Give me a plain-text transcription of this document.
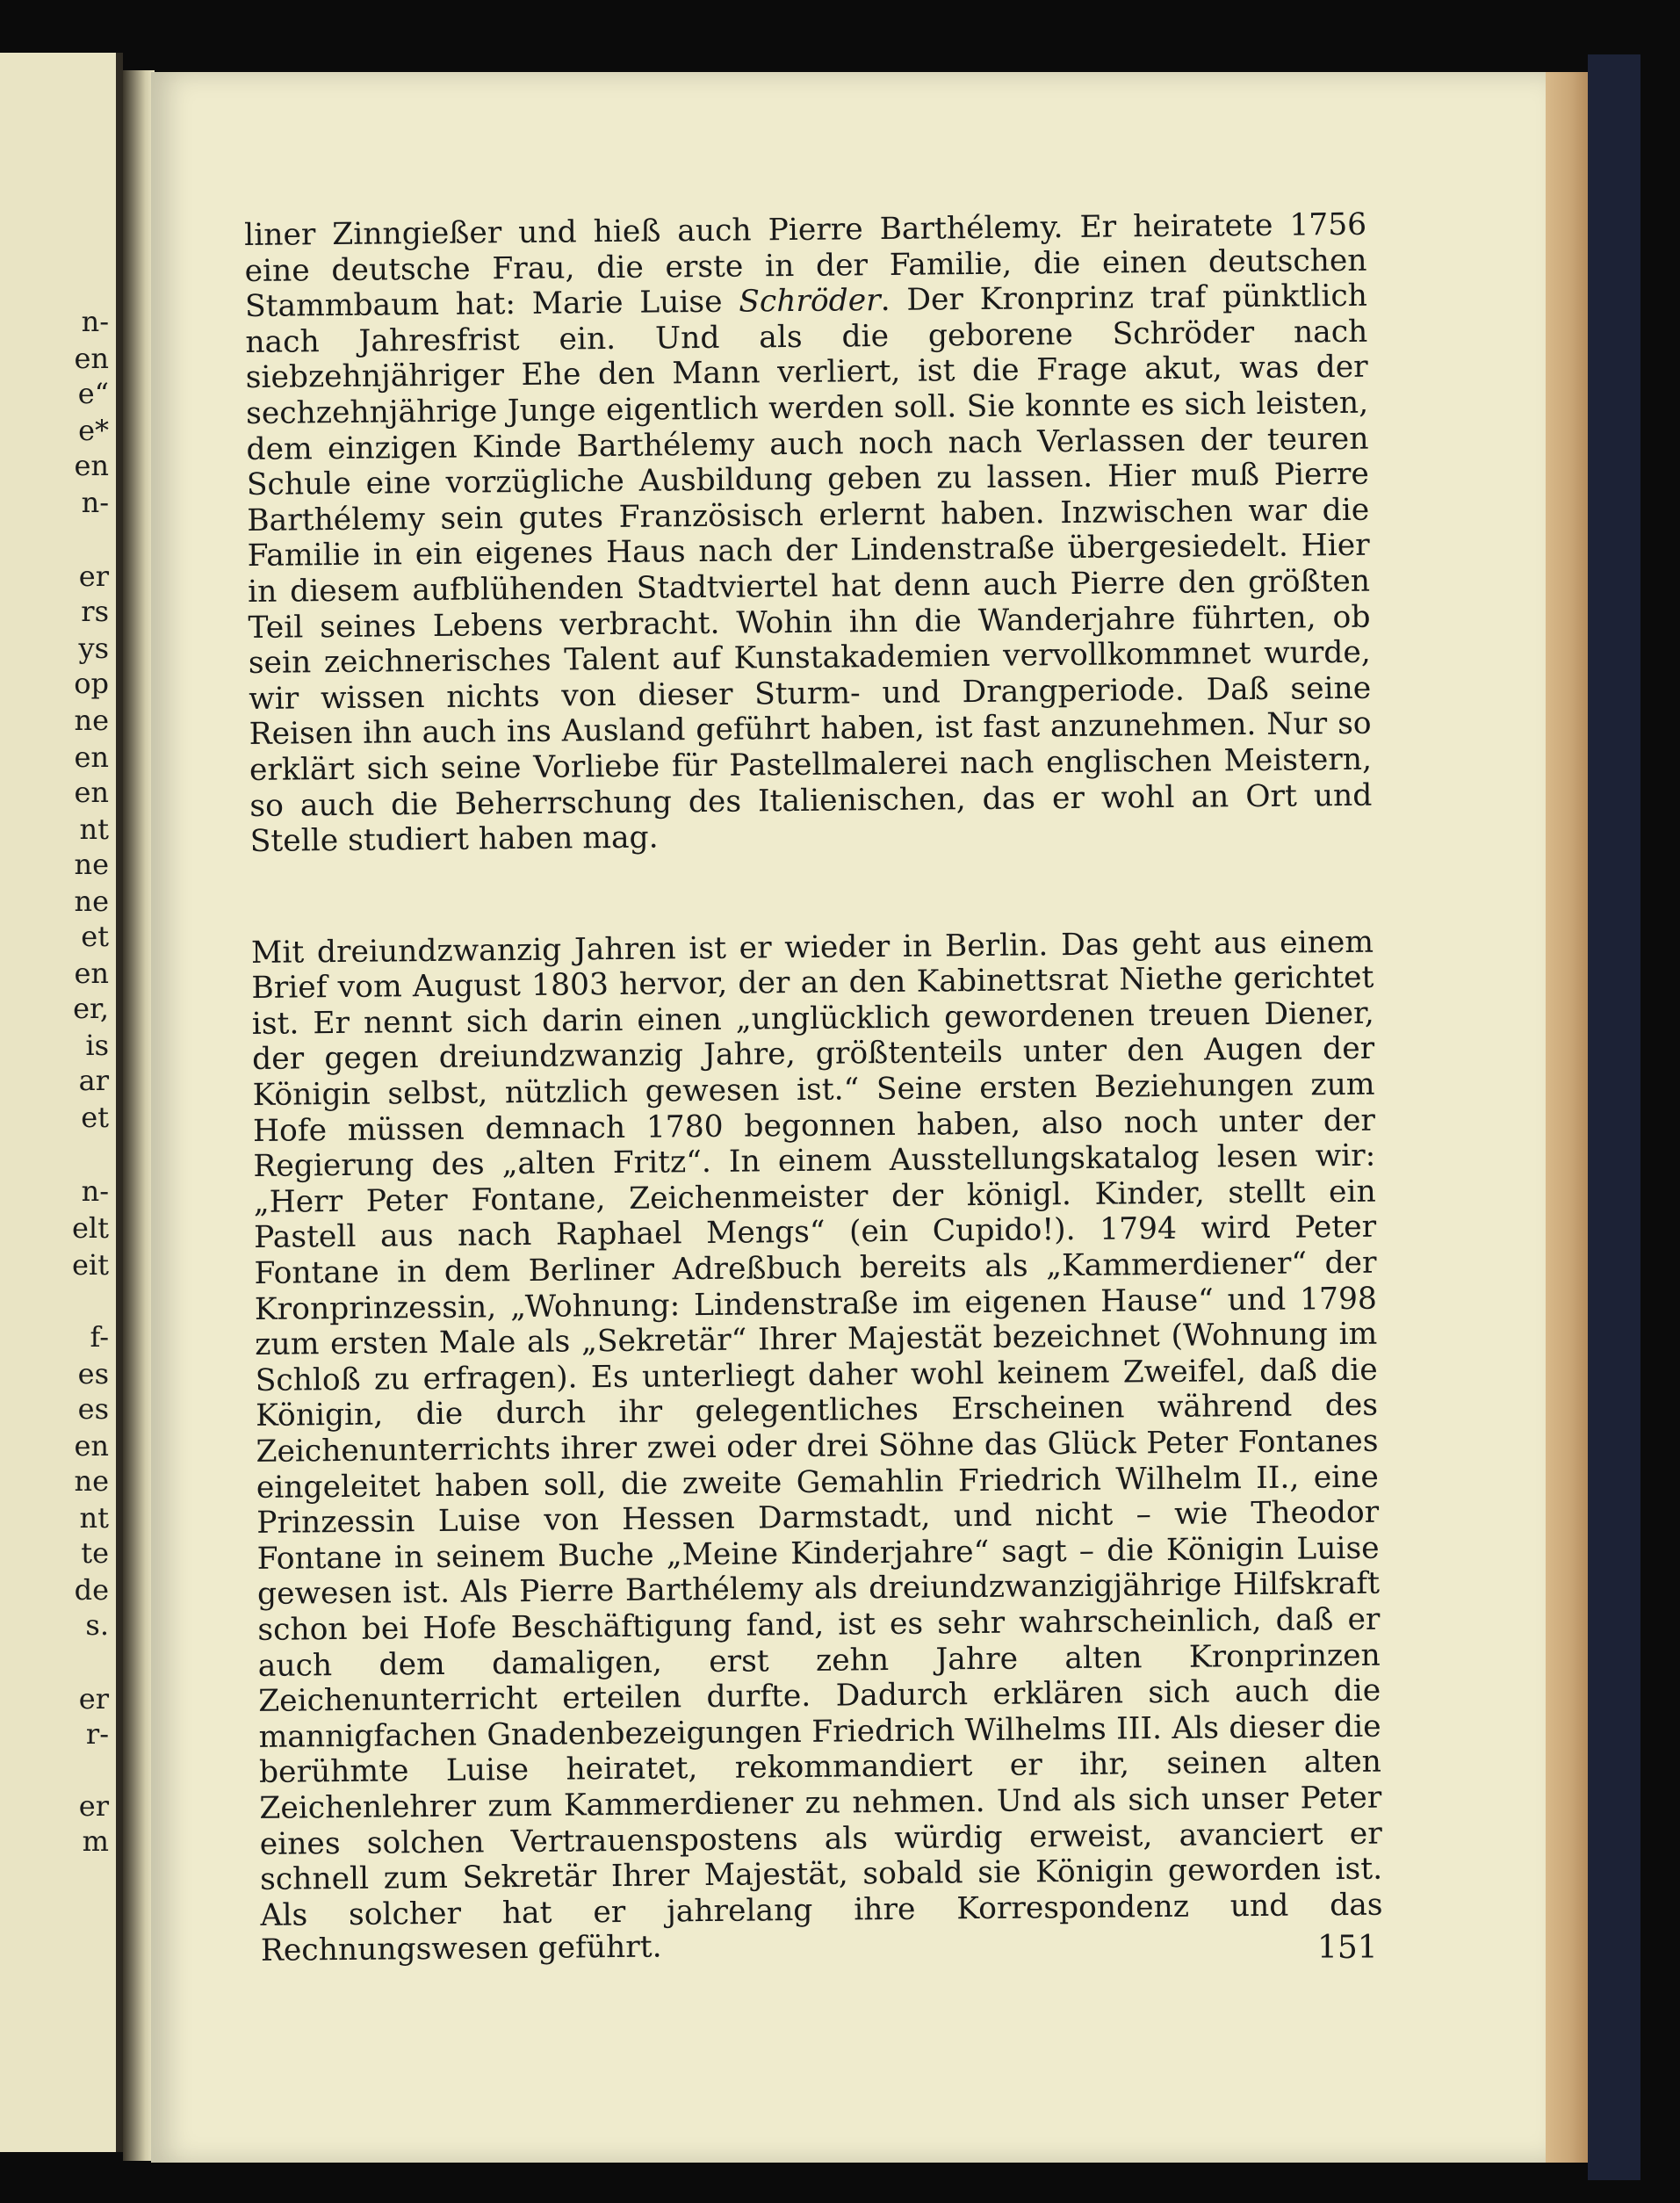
n-
en
e“
e*
en
n-
er
rs
ys
op
ne
en
en
nt
ne
ne
et
en
er,
is
ar
et
n-
elt
eit
f-
es
es
en
ne
nt
te
de
s.
er
r-
er
m

liner Zinngießer und hieß auch Pierre Barthélemy. Er heiratete 1756 eine deutsche Frau, die erste in der Familie, die einen deutschen Stammbaum hat: Marie Luise Schröder. Der Kronprinz traf pünktlich nach Jahresfrist ein. Und als die geborene Schröder nach siebzehnjähriger Ehe den Mann verliert, ist die Frage akut, was der sechzehnjährige Junge eigentlich werden soll. Sie konnte es sich leisten, dem einzigen Kinde Barthélemy auch noch nach Verlassen der teuren Schule eine vorzügliche Ausbildung geben zu lassen. Hier muß Pierre Barthélemy sein gutes Französisch erlernt haben. Inzwischen war die Familie in ein eigenes Haus nach der Lindenstraße übergesiedelt. Hier in diesem aufblühenden Stadtviertel hat denn auch Pierre den größten Teil seines Lebens verbracht. Wohin ihn die Wanderjahre führten, ob sein zeichnerisches Talent auf Kunstakademien vervollkommnet wurde, wir wissen nichts von dieser Sturm- und Drangperiode. Daß seine Reisen ihn auch ins Ausland geführt haben, ist fast anzunehmen. Nur so erklärt sich seine Vorliebe für Pastellmalerei nach englischen Meistern, so auch die Beherrschung des Italienischen, das er wohl an Ort und Stelle studiert haben mag.

Mit dreiundzwanzig Jahren ist er wieder in Berlin. Das geht aus einem Brief vom August 1803 hervor, der an den Kabinettsrat Niethe gerichtet ist. Er nennt sich darin einen „unglücklich gewordenen treuen Diener, der gegen dreiundzwanzig Jahre, größtenteils unter den Augen der Königin selbst, nützlich gewesen ist.“ Seine ersten Beziehungen zum Hofe müssen demnach 1780 begonnen haben, also noch unter der Regierung des „alten Fritz“. In einem Ausstellungskatalog lesen wir: „Herr Peter Fontane, Zeichenmeister der königl. Kinder, stellt ein Pastell aus nach Raphael Mengs“ (ein Cupido!). 1794 wird Peter Fontane in dem Berliner Adreßbuch bereits als „Kammerdiener“ der Kronprinzessin, „Wohnung: Lindenstraße im eigenen Hause“ und 1798 zum ersten Male als „Sekretär“ Ihrer Majestät bezeichnet (Wohnung im Schloß zu erfragen). Es unterliegt daher wohl keinem Zweifel, daß die Königin, die durch ihr gelegentliches Erscheinen während des Zeichenunterrichts ihrer zwei oder drei Söhne das Glück Peter Fontanes eingeleitet haben soll, die zweite Gemahlin Friedrich Wilhelm II., eine Prinzessin Luise von Hessen Darmstadt, und nicht – wie Theodor Fontane in seinem Buche „Meine Kinderjahre“ sagt – die Königin Luise gewesen ist. Als Pierre Barthélemy als dreiundzwanzigjährige Hilfskraft schon bei Hofe Beschäftigung fand, ist es sehr wahrscheinlich, daß er auch dem damaligen, erst zehn Jahre alten Kronprinzen Zeichenunterricht erteilen durfte. Dadurch erklären sich auch die mannigfachen Gnadenbezeigungen Friedrich Wilhelms III. Als dieser die berühmte Luise heiratet, rekommandiert er ihr, seinen alten Zeichenlehrer zum Kammerdiener zu nehmen. Und als sich unser Peter eines solchen Vertrauenspostens als würdig erweist, avanciert er schnell zum Sekretär Ihrer Majestät, sobald sie Königin geworden ist. Als solcher hat er jahrelang ihre Korrespondenz und das Rechnungswesen geführt.	151
